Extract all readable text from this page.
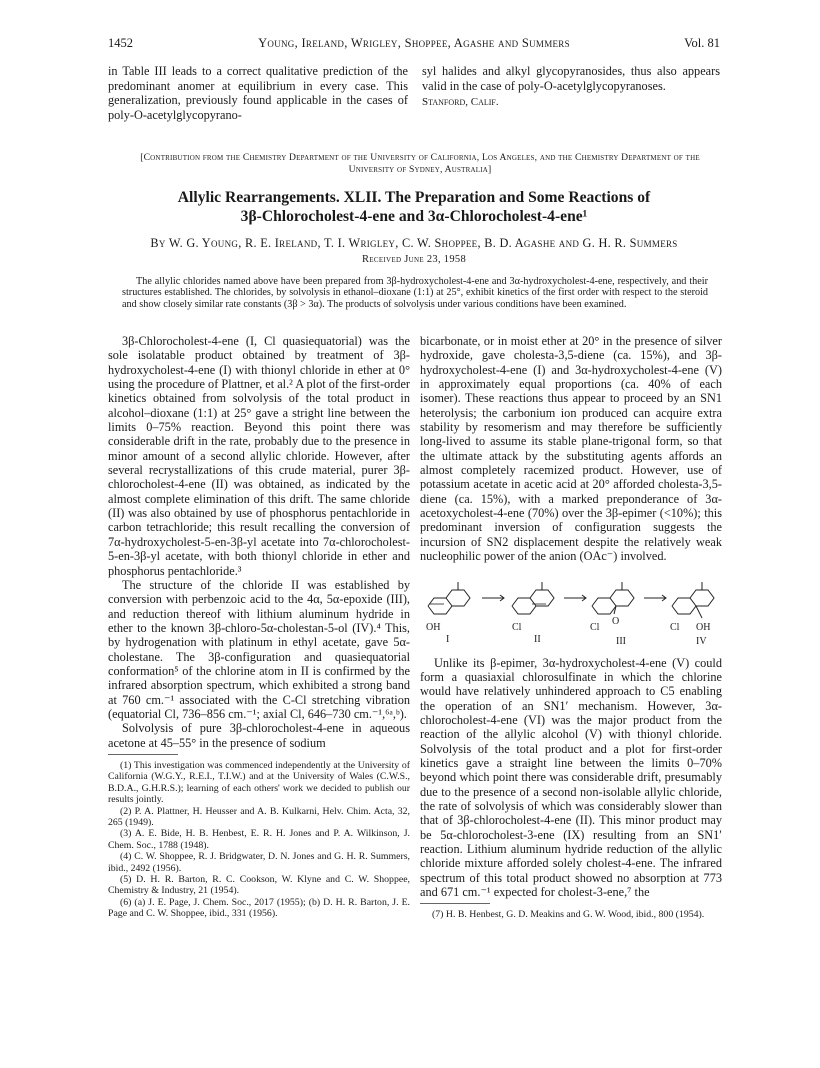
1452	Young, Ireland, Wrigley, Shoppee, Agashe and Summers	Vol. 81

in Table III leads to a correct qualitative prediction of the predominant anomer at equilibrium in every case. This generalization, previously found applicable in the cases of poly-O-acetylglycopyrano-

syl halides and alkyl glycopyranosides, thus also appears valid in the case of poly-O-acetylglycopyranoses.

Stanford, Calif.

[Contribution from the Chemistry Department of the University of California, Los Angeles, and the Chemistry Department of the University of Sydney, Australia]
Allylic Rearrangements. XLII. The Preparation and Some Reactions of
3β-Chlorocholest-4-ene and 3α-Chlorocholest-4-ene¹
By W. G. Young, R. E. Ireland, T. I. Wrigley, C. W. Shoppee, B. D. Agashe and G. H. R. Summers
Received June 23, 1958

The allylic chlorides named above have been prepared from 3β-hydroxycholest-4-ene and 3α-hydroxycholest-4-ene, respectively, and their structures established. The chlorides, by solvolysis in ethanol–dioxane (1:1) at 25°, exhibit kinetics of the first order with respect to the steroid and show closely similar rate constants (3β > 3α). The products of solvolysis under various conditions have been examined.

3β-Chlorocholest-4-ene (I, Cl quasiequatorial) was the sole isolatable product obtained by treatment of 3β-hydroxycholest-4-ene (I) with thionyl chloride in ether at 0° using the procedure of Plattner, et al.² A plot of the first-order kinetics obtained from solvolysis of the total product in alcohol–dioxane (1:1) at 25° gave a stright line between the limits 0–75% reaction. Beyond this point there was considerable drift in the rate, probably due to the presence in minor amount of a second allylic chloride. However, after several recrystallizations of this crude material, purer 3β-chlorocholest-4-ene (II) was obtained, as indicated by the almost complete elimination of this drift. The same chloride (II) was also obtained by use of phosphorus pentachloride in carbon tetrachloride; this result recalling the conversion of 7α-hydroxycholest-5-en-3β-yl acetate into 7α-chlorocholest-5-en-3β-yl acetate, with both thionyl chloride in ether and phosphorus pentachloride.³

The structure of the chloride II was established by conversion with perbenzoic acid to the 4α, 5α-epoxide (III), and reduction thereof with lithium aluminum hydride in ether to the known 3β-chloro-5α-cholestan-5-ol (IV).⁴ This, by hydrogenation with platinum in ethyl acetate, gave 5α-cholestane. The 3β-configuration and quasiequatorial conformation⁵ of the chlorine atom in II is confirmed by the infrared absorption spectrum, which exhibited a strong band at 760 cm.⁻¹ associated with the C-Cl stretching vibration (equatorial Cl, 736–856 cm.⁻¹; axial Cl, 646–730 cm.⁻¹,⁶ᵃ,ᵇ).

Solvolysis of pure 3β-chlorocholest-4-ene in aqueous acetone at 45–55° in the presence of sodium

(1) This investigation was commenced independently at the University of California (W.G.Y., R.E.I., T.I.W.) and at the University of Wales (C.W.S., B.D.A., G.H.R.S.); learning of each others' work we decided to publish our results jointly.

(2) P. A. Plattner, H. Heusser and A. B. Kulkarni, Helv. Chim. Acta, 32, 265 (1949).

(3) A. E. Bide, H. B. Henbest, E. R. H. Jones and P. A. Wilkinson, J. Chem. Soc., 1788 (1948).

(4) C. W. Shoppee, R. J. Bridgwater, D. N. Jones and G. H. R. Summers, ibid., 2492 (1956).

(5) D. H. R. Barton, R. C. Cookson, W. Klyne and C. W. Shoppee, Chemistry & Industry, 21 (1954).

(6) (a) J. E. Page, J. Chem. Soc., 2017 (1955); (b) D. H. R. Barton, J. E. Page and C. W. Shoppee, ibid., 331 (1956).

bicarbonate, or in moist ether at 20° in the presence of silver hydroxide, gave cholesta-3,5-diene (ca. 15%), and 3β-hydroxycholest-4-ene (I) and 3α-hydroxycholest-4-ene (V) in approximately equal proportions (ca. 40% of each isomer). These reactions thus appear to proceed by an SN1 heterolysis; the carbonium ion produced can acquire extra stability by resomerism and may therefore be sufficiently long-lived to assume its stable plane-trigonal form, so that the ultimate attack by the substituting agents affords an almost completely racemized product. However, use of potassium acetate in acetic acid at 20° afforded cholesta-3,5-diene (ca. 15%), with a marked preponderance of 3α-acetoxycholest-4-ene (70%) over the 3β-epimer (<10%); this predominant inversion of configuration suggests the incursion of SN2 displacement despite the relatively weak nucleophilic power of the anion (OAc⁻) involved.

OH
I
Cl
II
Cl
O
III
Cl OH
IV

Unlike its β-epimer, 3α-hydroxycholest-4-ene (V) could form a quasiaxial chlorosulfinate in which the chlorine would have relatively unhindered approach to C5 enabling the operation of an SN1′ mechanism. However, 3α-chlorocholest-4-ene (VI) was the major product from the reaction of the allylic alcohol (V) with thionyl chloride. Solvolysis of the total product and a plot for first-order kinetics gave a straight line between the limits 0–70% beyond which point there was considerable drift, presumably due to the presence of a second non-isolable allylic chloride, the rate of solvolysis of which was considerably slower than that of 3β-chlorocholest-4-ene (II). This minor product may be 5α-chlorocholest-3-ene (IX) resulting from an SN1′ reaction. Lithium aluminum hydride reduction of the allylic chloride mixture afforded solely cholest-4-ene. The infrared spectrum of this total product showed no absorption at 773 and 671 cm.⁻¹ expected for cholest-3-ene,⁷ the

(7) H. B. Henbest, G. D. Meakins and G. W. Wood, ibid., 800 (1954).
